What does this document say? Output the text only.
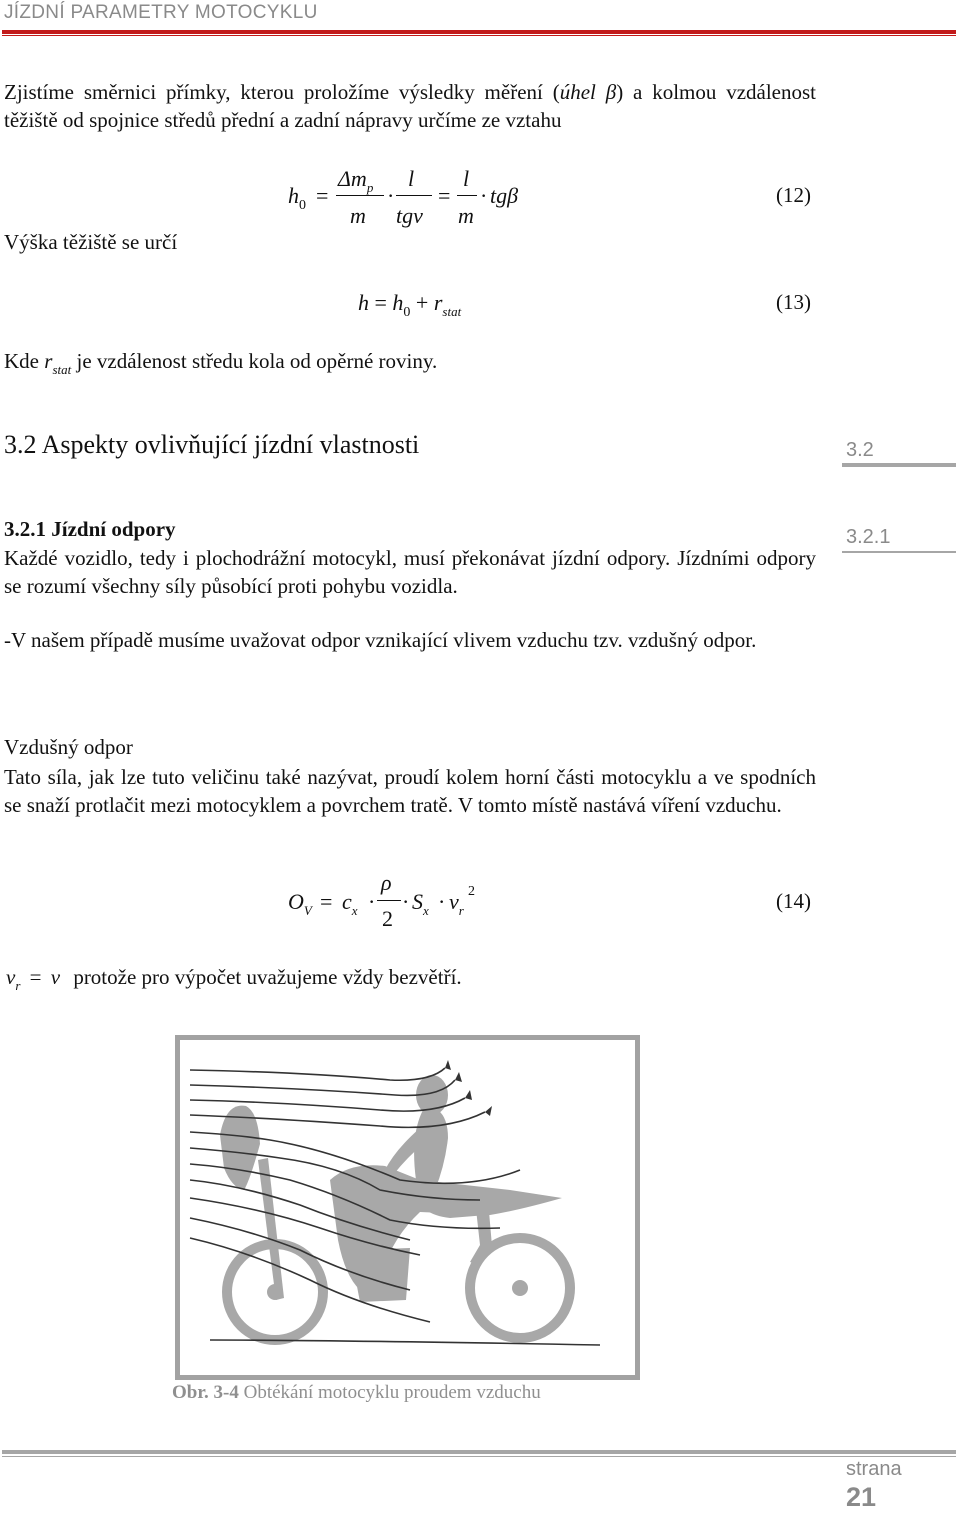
JÍZDNÍ PARAMETRY MOTOCYKLU
Zjistíme směrnici přímky, kterou proložíme výsledky měření (úhel β) a kolmou vzdálenost těžiště od spojnice středů přední a zadní nápravy určíme ze vztahu
Výška těžiště se určí
$h_0$ =
$\Delta m_p$
m
·
l
tgν
=
l
m
· tgβ	(12)
$h = h_0 + r_{stat}$	(13)
Kde $r_{stat}$ je vzdálenost středu kola od opěrné roviny.
3.2 Aspekty ovlivňující jízdní vlastnosti	3.2
3.2.1 Jízdní odpory	3.2.1
Každé vozidlo, tedy i plochodrážní motocykl, musí překonávat jízdní odpory. Jízdními odpory se rozumí všechny síly působící proti pohybu vozidla.
-V našem případě musíme uvažovat odpor vznikající vlivem vzduchu tzv. vzdušný odpor.
Vzdušný odpor
Tato síla, jak lze tuto veličinu také nazývat, proudí kolem horní části motocyklu a ve spodních se snaží protlačit mezi motocyklem a povrchem tratě. V tomto místě nastává víření vzduchu.
$O_V = c_x$ ·
ρ
2
· $S_x \cdot v_r$
2	(14)
$v_r = v$ protože pro výpočet uvažujeme vždy bezvětří.
Obr. 3-4 Obtékání motocyklu proudem vzduchu
strana
21
